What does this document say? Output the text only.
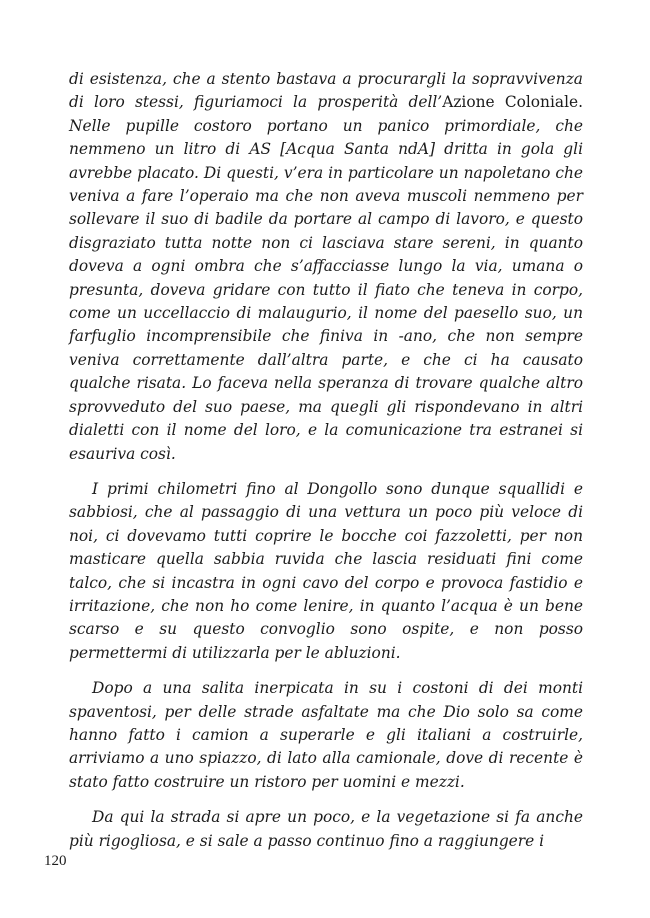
di esistenza, che a stento bastava a procurargli la sopravvivenza di loro stessi, figuriamoci la prosperità dell’Azione Coloniale. Nelle pupille costoro portano un panico primordiale, che nemmeno un litro di AS [Acqua Santa ndA] dritta in gola gli avrebbe placato. Di questi, v’era in particolare un napoletano che veniva a fare l’operaio ma che non aveva muscoli nemmeno per sollevare il suo di badile da portare al campo di lavoro, e questo disgraziato tutta notte non ci lasciava stare sereni, in quanto doveva a ogni ombra che s’affacciasse lungo la via, umana o presunta, doveva gridare con tutto il fiato che teneva in corpo, come un uccellaccio di malaugurio, il nome del paesello suo, un farfuglio incomprensibile che finiva in -ano, che non sempre veniva correttamente dall’altra parte, e che ci ha causato qualche risata. Lo faceva nella speranza di trovare qualche altro sprovveduto del suo paese, ma quegli gli rispondevano in altri dialetti con il nome del loro, e la comunicazione tra estranei si esauriva così.

I primi chilometri fino al Dongollo sono dunque squallidi e sabbiosi, che al passaggio di una vettura un poco più veloce di noi, ci dovevamo tutti coprire le bocche coi fazzoletti, per non masticare quella sabbia ruvida che lascia residuati fini come talco, che si incastra in ogni cavo del corpo e provoca fastidio e irritazione, che non ho come lenire, in quanto l’acqua è un bene scarso e su questo convoglio sono ospite, e non posso permettermi di utilizzarla per le abluzioni.

Dopo a una salita inerpicata in su i costoni di dei monti spaventosi, per delle strade asfaltate ma che Dio solo sa come hanno fatto i camion a superarle e gli italiani a costruirle, arriviamo a uno spiazzo, di lato alla camionale, dove di recente è stato fatto costruire un ristoro per uomini e mezzi.

Da qui la strada si apre un poco, e la vegetazione si fa anche più rigogliosa, e si sale a passo continuo fino a raggiungere i

120
